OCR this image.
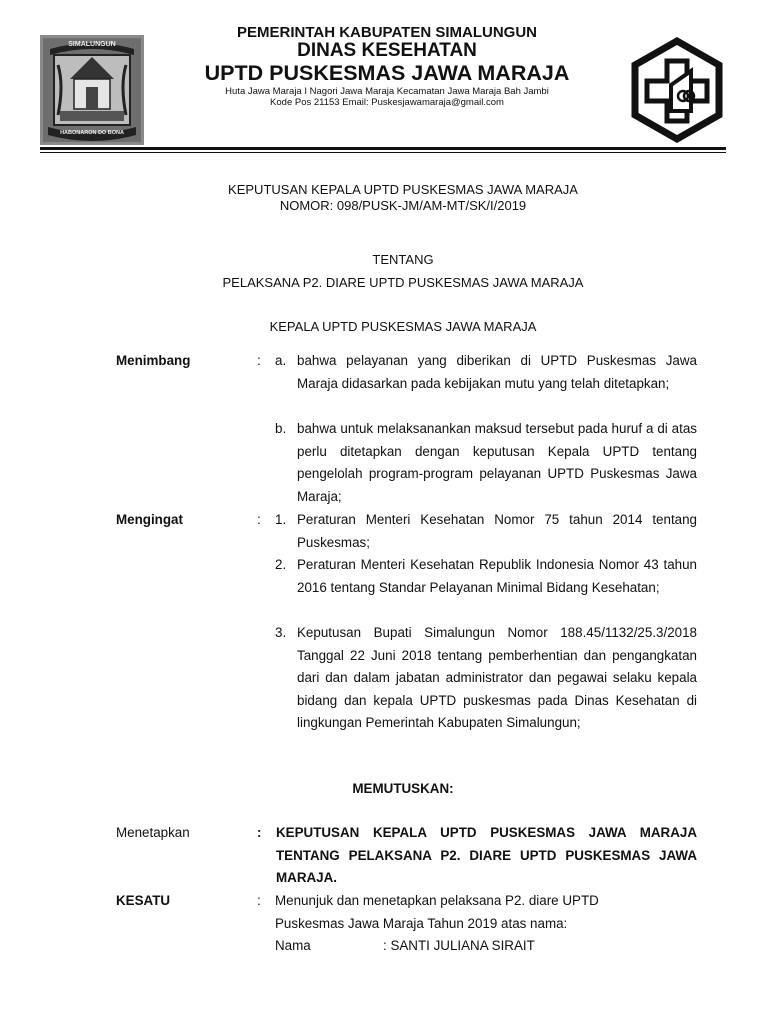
SIMALUNGUN
HABONARON DO BONA
PEMERINTAH KABUPATEN SIMALUNGUN
DINAS KESEHATAN
UPTD PUSKESMAS JAWA MARAJA
Huta Jawa Maraja I Nagori Jawa Maraja Kecamatan Jawa Maraja Bah Jambi
Kode Pos 21153 Email: Puskesjawamaraja@gmail.com
KEPUTUSAN KEPALA UPTD PUSKESMAS JAWA MARAJA
NOMOR: 098/PUSK-JM/AM-MT/SK/I/2019
TENTANG
PELAKSANA P2. DIARE UPTD PUSKESMAS JAWA MARAJA
KEPALA UPTD PUSKESMAS JAWA MARAJA
Menimbang	: a. bahwa pelayanan yang diberikan di UPTD Puskesmas Jawa Maraja didasarkan pada kebijakan mutu yang telah ditetapkan;
b. bahwa untuk melaksanankan maksud tersebut pada huruf a di atas perlu ditetapkan dengan keputusan Kepala UPTD tentang pengelolah program-program pelayanan UPTD Puskesmas Jawa Maraja;
Mengingat	: 1. Peraturan Menteri Kesehatan Nomor 75 tahun 2014 tentang Puskesmas;
2. Peraturan Menteri Kesehatan Republik Indonesia Nomor 43 tahun 2016 tentang Standar Pelayanan Minimal Bidang Kesehatan;
3. Keputusan Bupati Simalungun Nomor 188.45/1132/25.3/2018 Tanggal 22 Juni 2018 tentang pemberhentian dan pengangkatan dari dan dalam jabatan administrator dan pegawai selaku kepala bidang dan kepala UPTD puskesmas pada Dinas Kesehatan di lingkungan Pemerintah Kabupaten Simalungun;
MEMUTUSKAN:
Menetapkan	: KEPUTUSAN KEPALA UPTD PUSKESMAS JAWA MARAJA TENTANG PELAKSANA P2. DIARE UPTD PUSKESMAS JAWA MARAJA.
KESATU	: Menunjuk dan menetapkan pelaksana P2. diare UPTD
Puskesmas Jawa Maraja Tahun 2019 atas nama:
Nama	: SANTI JULIANA SIRAIT
